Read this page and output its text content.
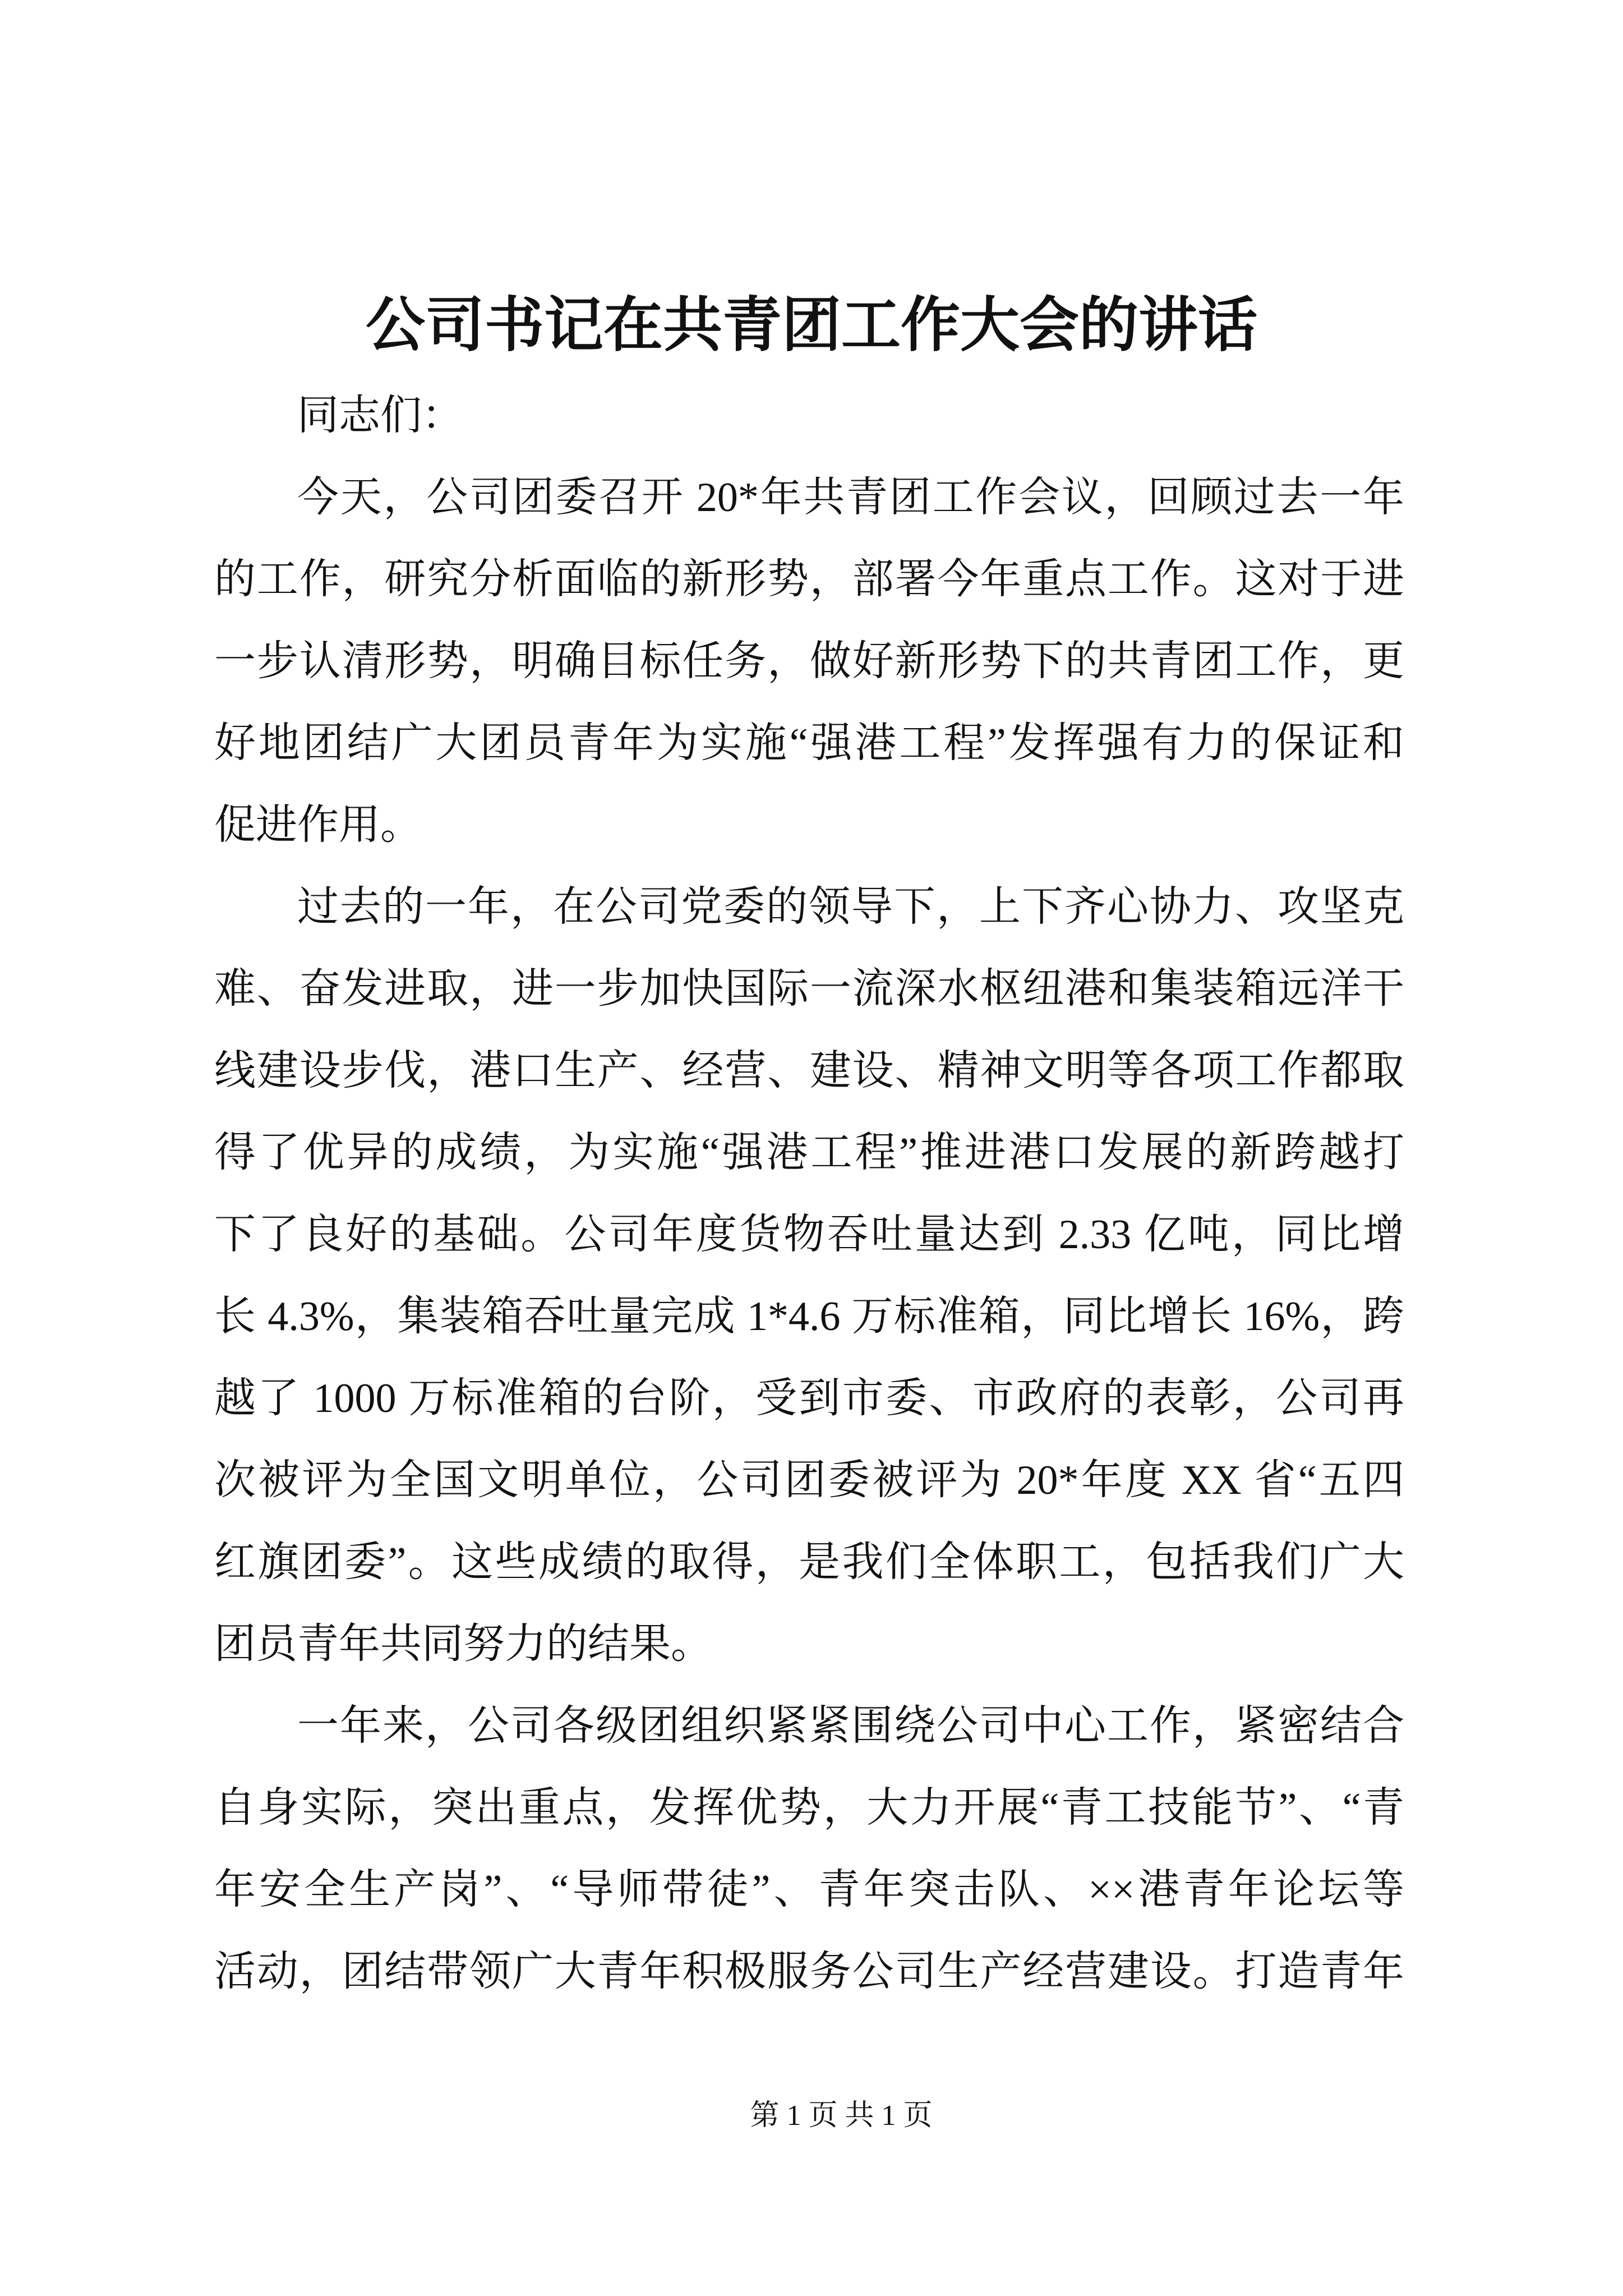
公司书记在共青团工作大会的讲话
同志们：
今天，公司团委召开 20*年共青团工作会议，回顾过去一年
的工作，研究分析面临的新形势，部署今年重点工作。这对于进
一步认清形势，明确目标任务，做好新形势下的共青团工作，更
好地团结广大团员青年为实施“强港工程”发挥强有力的保证和
促进作用。
过去的一年，在公司党委的领导下，上下齐心协力、攻坚克
难、奋发进取，进一步加快国际一流深水枢纽港和集装箱远洋干
线建设步伐，港口生产、经营、建设、精神文明等各项工作都取
得了优异的成绩，为实施“强港工程”推进港口发展的新跨越打
下了良好的基础。公司年度货物吞吐量达到 2.33 亿吨，同比增
长 4.3%，集装箱吞吐量完成 1*4.6 万标准箱，同比增长 16%，跨
越了 1000 万标准箱的台阶，受到市委、市政府的表彰，公司再
次被评为全国文明单位，公司团委被评为 20*年度 XX 省“五四
红旗团委”。这些成绩的取得，是我们全体职工，包括我们广大
团员青年共同努力的结果。
一年来，公司各级团组织紧紧围绕公司中心工作，紧密结合
自身实际，突出重点，发挥优势，大力开展“青工技能节”、“青
年安全生产岗”、“导师带徒”、青年突击队、××港青年论坛等
活动，团结带领广大青年积极服务公司生产经营建设。打造青年
第 1 页 共 1 页
